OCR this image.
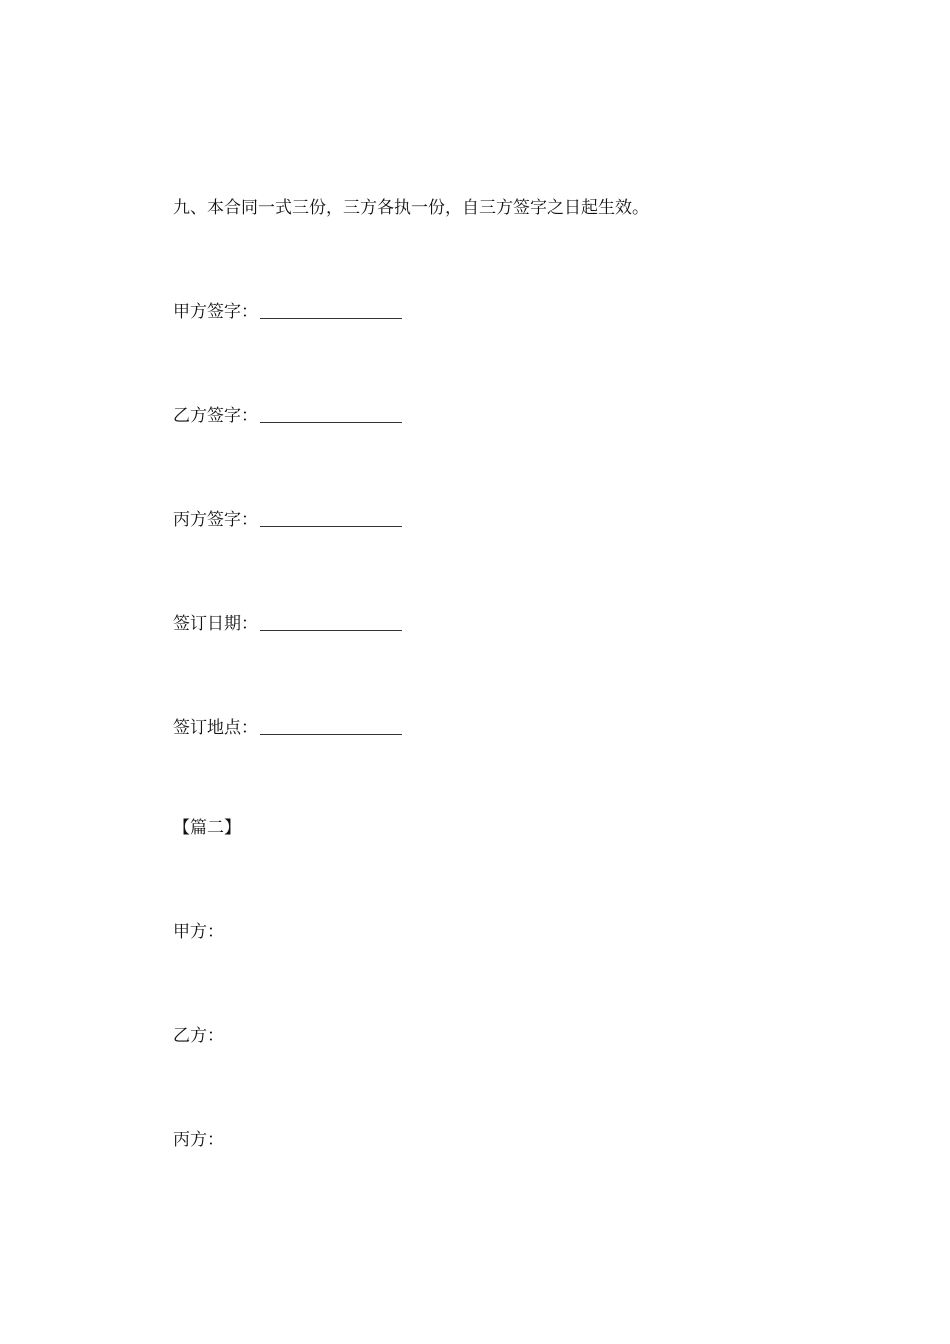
九、本合同一式三份，三方各执一份，自三方签字之日起生效。
甲方签字：
乙方签字：
丙方签字：
签订日期：
签订地点：
【篇二】
甲方：
乙方：
丙方：
